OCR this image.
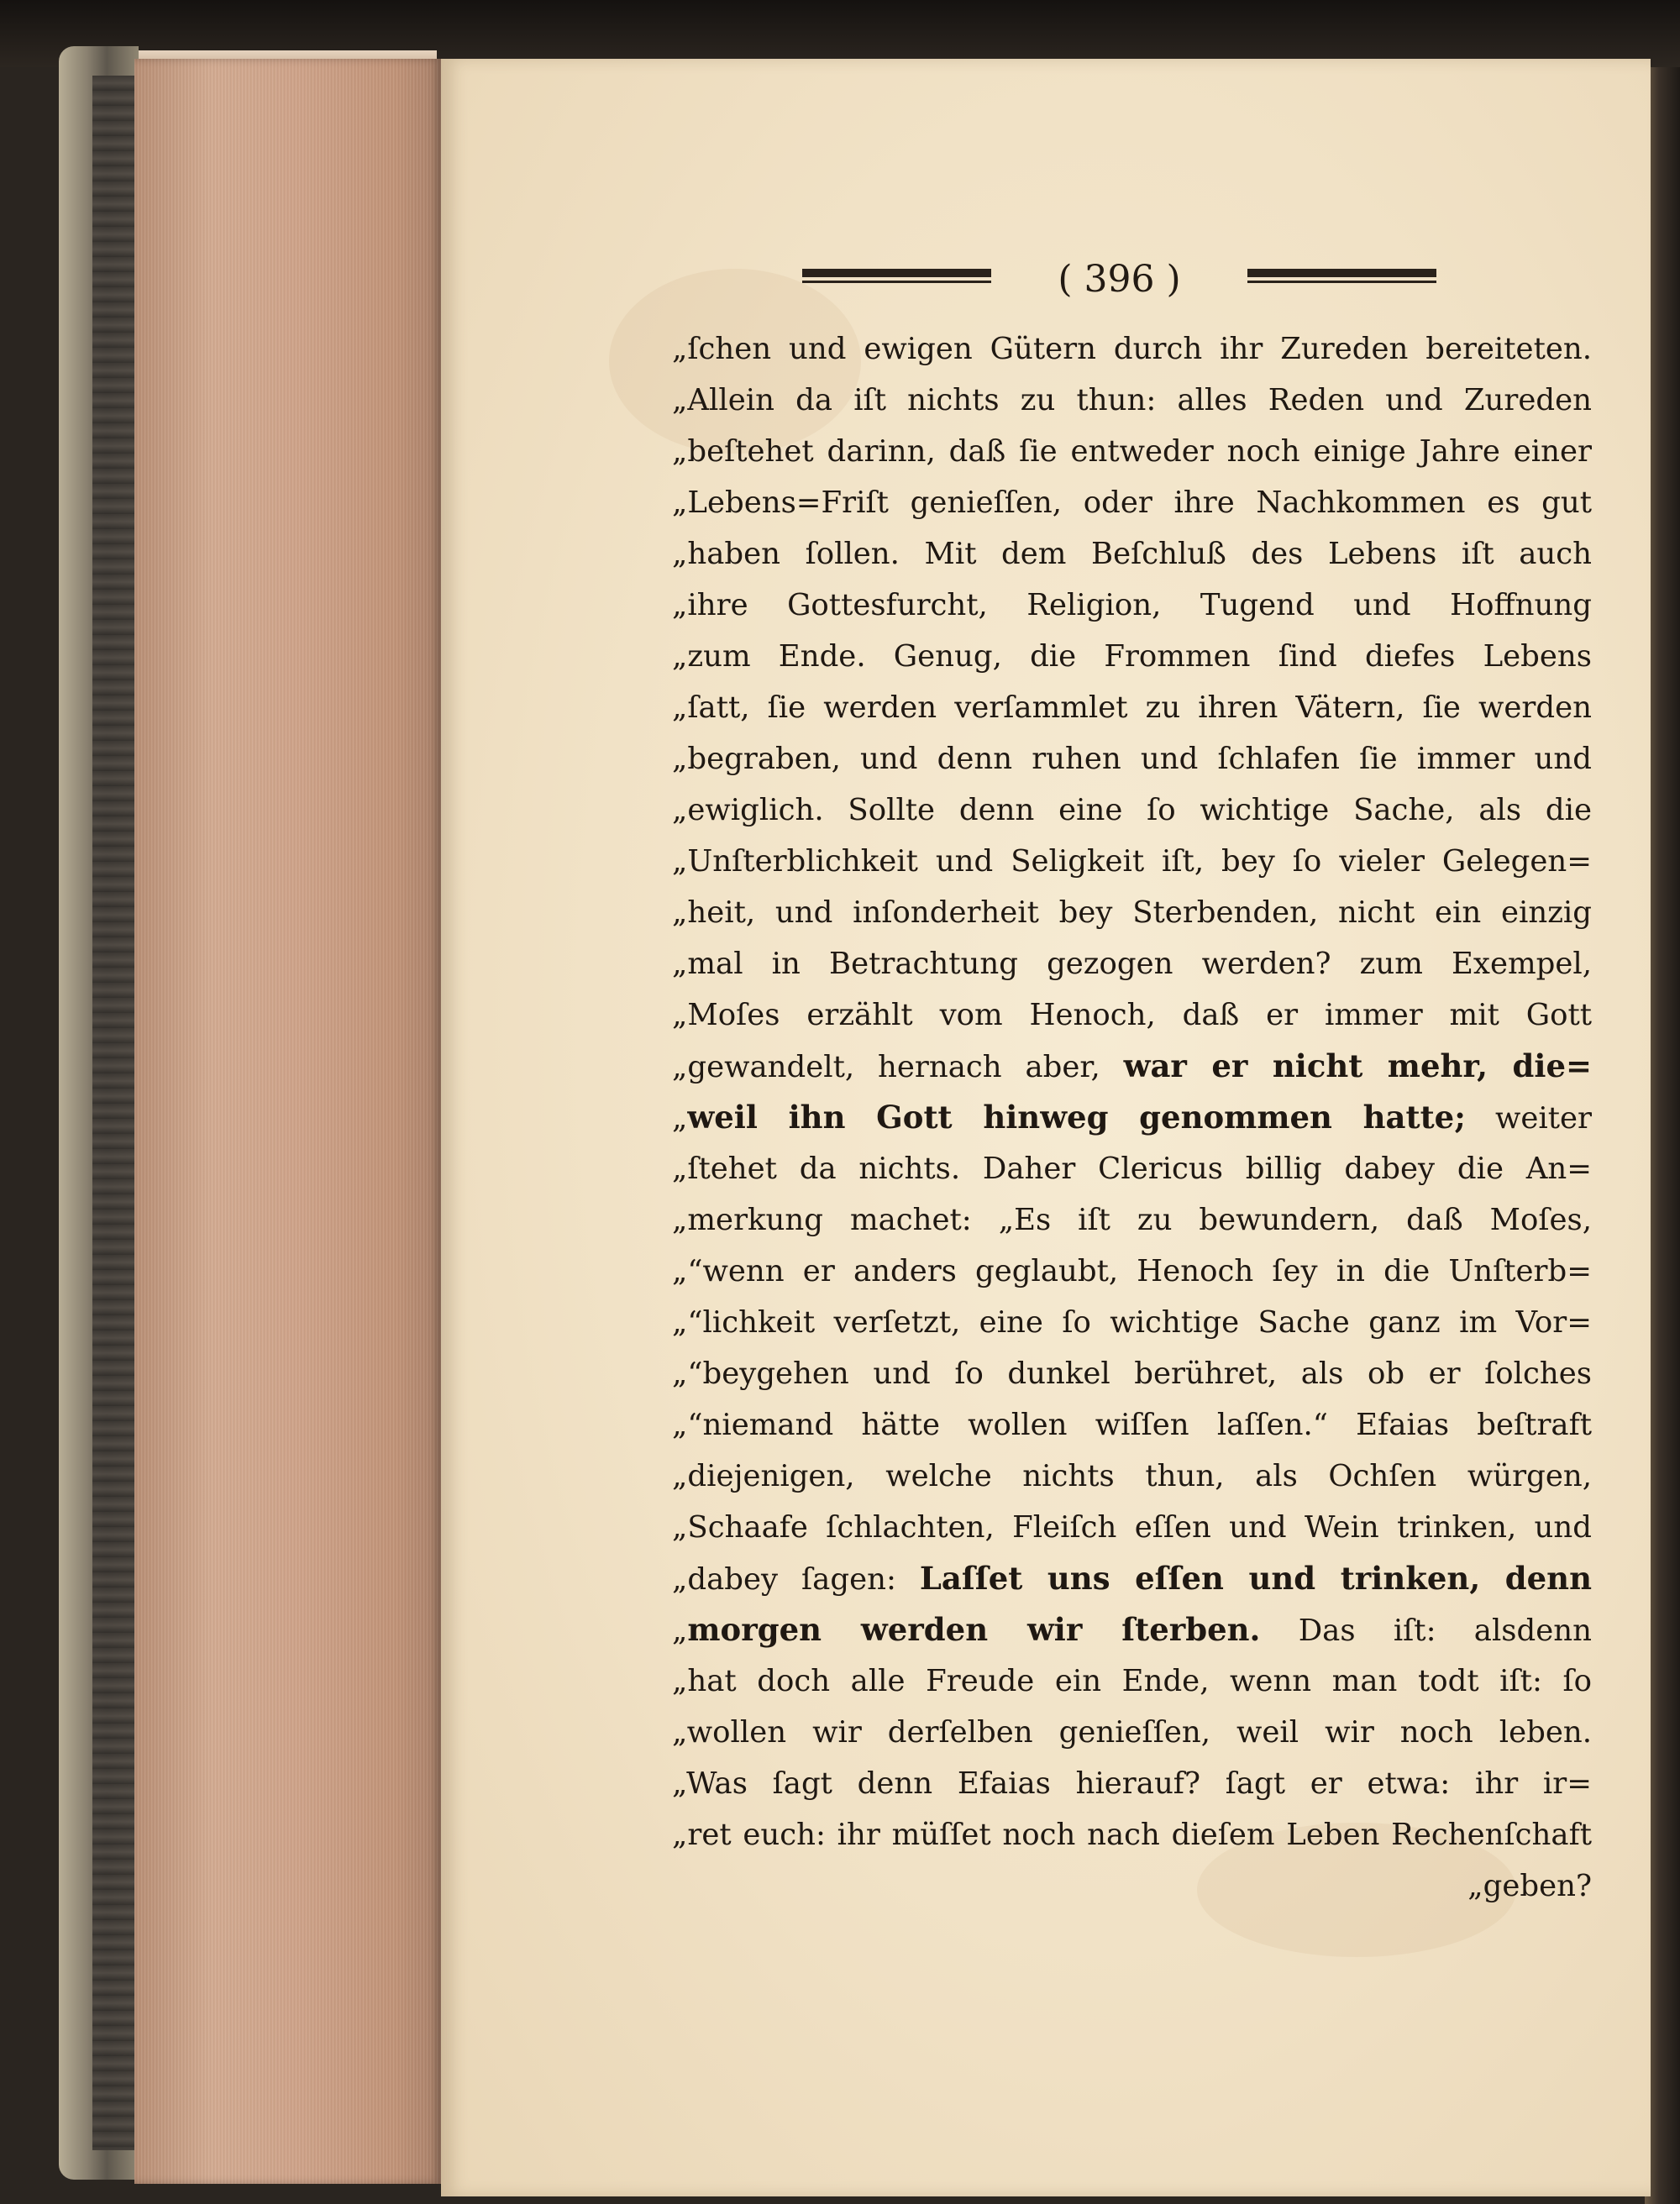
( 396 )
„ſchen und ewigen Gütern durch ihr Zureden bereiteten.
„Allein da iſt nichts zu thun: alles Reden und Zureden
„beſtehet darinn, daß ſie entweder noch einige Jahre einer
„Lebens=Friſt genieſſen, oder ihre Nachkommen es gut
„haben ſollen. Mit dem Beſchluß des Lebens iſt auch
„ihre Gottesfurcht, Religion, Tugend und Hoffnung
„zum Ende. Genug, die Frommen ſind diefes Lebens
„ſatt, ſie werden verſammlet zu ihren Vätern, ſie werden
„begraben, und denn ruhen und ſchlafen ſie immer und
„ewiglich. Sollte denn eine ſo wichtige Sache, als die
„Unſterblichkeit und Seligkeit iſt, bey ſo vieler Gelegen=
„heit, und inſonderheit bey Sterbenden, nicht ein einzig
„mal in Betrachtung gezogen werden? zum Exempel,
„Moſes erzählt vom Henoch, daß er immer mit Gott
„gewandelt, hernach aber, war er nicht mehr, die=
„weil ihn Gott hinweg genommen hatte; weiter
„ſtehet da nichts. Daher Clericus billig dabey die An=
„merkung machet: „Es iſt zu bewundern, daß Moſes,
„“wenn er anders geglaubt, Henoch ſey in die Unſterb=
„“lichkeit verſetzt, eine ſo wichtige Sache ganz im Vor=
„“beygehen und ſo dunkel berühret, als ob er ſolches
„“niemand hätte wollen wiſſen laſſen.“ Efaias beſtraft
„diejenigen, welche nichts thun, als Ochſen würgen,
„Schaafe ſchlachten, Fleiſch eſſen und Wein trinken, und
„dabey ſagen: Laſſet uns eſſen und trinken, denn
„morgen werden wir ſterben. Das iſt: alsdenn
„hat doch alle Freude ein Ende, wenn man todt iſt: ſo
„wollen wir derſelben genieſſen, weil wir noch leben.
„Was ſagt denn Efaias hierauf? ſagt er etwa: ihr ir=
„ret euch: ihr müſſet noch nach dieſem Leben Rechenſchaft
„geben?
